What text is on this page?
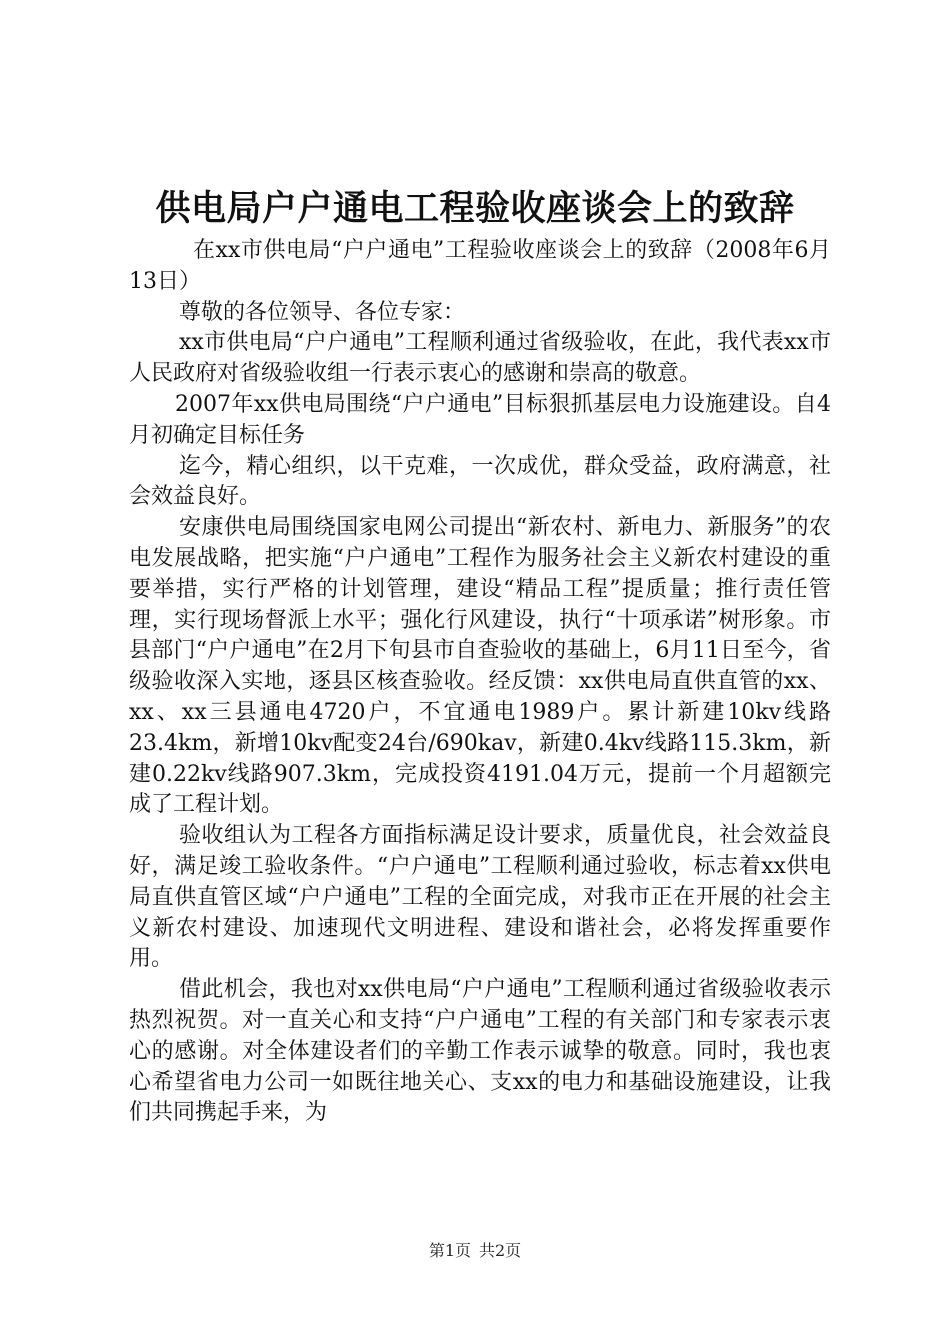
供电局户户通电工程验收座谈会上的致辞

在xx市供电局“户户通电”工程验收座谈会上的致辞（2008年6月13日）

尊敬的各位领导、各位专家：

xx市供电局“户户通电”工程顺利通过省级验收，在此，我代表xx市人民政府对省级验收组一行表示衷心的感谢和崇高的敬意。

2007年xx供电局围绕“户户通电”目标狠抓基层电力设施建设。自4月初确定目标任务

迄今，精心组织，以干克难，一次成优，群众受益，政府满意，社会效益良好。

安康供电局围绕国家电网公司提出“新农村、新电力、新服务”的农电发展战略，把实施“户户通电”工程作为服务社会主义新农村建设的重要举措，实行严格的计划管理，建设“精品工程”提质量；推行责任管理，实行现场督派上水平；强化行风建设，执行“十项承诺”树形象。市县部门“户户通电”在2月下旬县市自查验收的基础上，6月11日至今，省级验收深入实地，逐县区核查验收。经反馈：xx供电局直供直管的xx、xx、xx三县通电4720户，不宜通电1989户。累计新建10kv线路23.4km，新增10kv配变24台/690kav，新建0.4kv线路115.3km，新建0.22kv线路907.3km，完成投资4191.04万元，提前一个月超额完成了工程计划。

验收组认为工程各方面指标满足设计要求，质量优良，社会效益良好，满足竣工验收条件。“户户通电”工程顺利通过验收，标志着xx供电局直供直管区域“户户通电”工程的全面完成，对我市正在开展的社会主义新农村建设、加速现代文明进程、建设和谐社会，必将发挥重要作用。

借此机会，我也对xx供电局“户户通电”工程顺利通过省级验收表示热烈祝贺。对一直关心和支持“户户通电”工程的有关部门和专家表示衷心的感谢。对全体建设者们的辛勤工作表示诚挚的敬意。同时，我也衷心希望省电力公司一如既往地关心、支xx的电力和基础设施建设，让我们共同携起手来，为

第1页 共2页
